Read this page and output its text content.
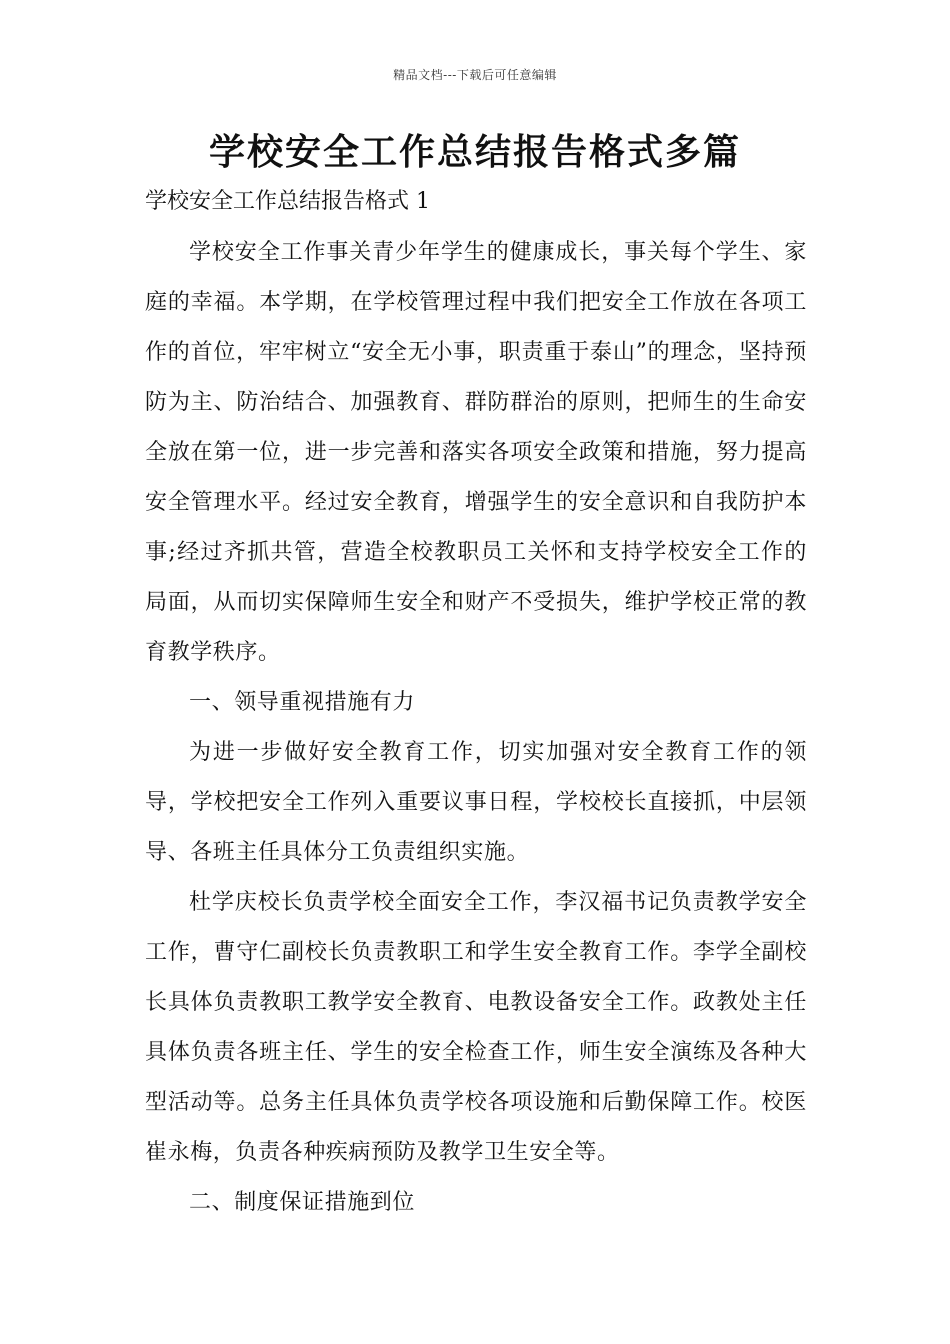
精品文档---下载后可任意编辑
学校安全工作总结报告格式多篇
学校安全工作总结报告格式 1

学校安全工作事关青少年学生的健康成长，事关每个学生、家庭的幸福。本学期，在学校管理过程中我们把安全工作放在各项工作的首位，牢牢树立“安全无小事，职责重于泰山”的理念，坚持预防为主、防治结合、加强教育、群防群治的原则，把师生的生命安全放在第一位，进一步完善和落实各项安全政策和措施，努力提高安全管理水平。经过安全教育，增强学生的安全意识和自我防护本事;经过齐抓共管，营造全校教职员工关怀和支持学校安全工作的局面，从而切实保障师生安全和财产不受损失，维护学校正常的教育教学秩序。

一、领导重视措施有力

为进一步做好安全教育工作，切实加强对安全教育工作的领导，学校把安全工作列入重要议事日程，学校校长直接抓，中层领导、各班主任具体分工负责组织实施。

杜学庆校长负责学校全面安全工作，李汉福书记负责教学安全工作，曹守仁副校长负责教职工和学生安全教育工作。李学全副校长具体负责教职工教学安全教育、电教设备安全工作。政教处主任具体负责各班主任、学生的安全检查工作，师生安全演练及各种大型活动等。总务主任具体负责学校各项设施和后勤保障工作。校医崔永梅，负责各种疾病预防及教学卫生安全等。

二、制度保证措施到位
